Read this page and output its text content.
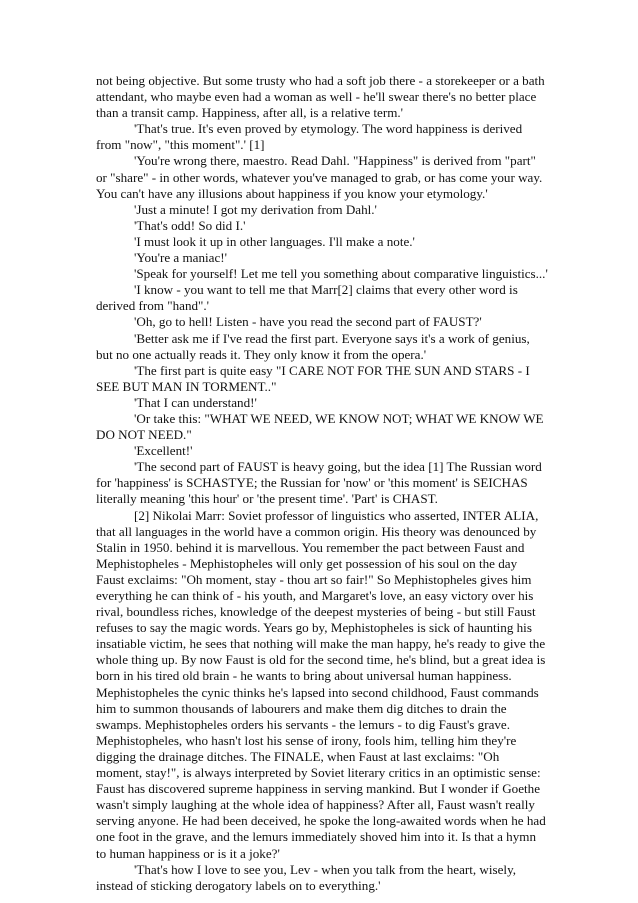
not being objective. But some trusty who had a soft job there - a storekeeper or a bath attendant, who maybe even had a woman as well - he'll swear there's no better place than a transit camp. Happiness, after all, is a relative term.'

'That's true. It's even proved by etymology. The word happiness is derived from "now", "this moment".' [1]

'You're wrong there, maestro. Read Dahl. "Happiness" is derived from "part" or "share" - in other words, whatever you've managed to grab, or has come your way. You can't have any illusions about happiness if you know your etymology.'

'Just a minute! I got my derivation from Dahl.'

'That's odd! So did I.'

'I must look it up in other languages. I'll make a note.'

'You're a maniac!'

'Speak for yourself! Let me tell you something about comparative linguistics...'

'I know - you want to tell me that Marr[2] claims that every other word is derived from "hand".'

'Oh, go to hell! Listen - have you read the second part of FAUST?'

'Better ask me if I've read the first part. Everyone says it's a work of genius, but no one actually reads it. They only know it from the opera.'

'The first part is quite easy "I CARE NOT FOR THE SUN AND STARS - I SEE BUT MAN IN TORMENT.."

'That I can understand!'

'Or take this: "WHAT WE NEED, WE KNOW NOT; WHAT WE KNOW WE DO NOT NEED."

'Excellent!'

'The second part of FAUST is heavy going, but the idea [1] The Russian word for 'happiness' is SCHASTYE; the Russian for 'now' or 'this moment' is SEICHAS literally meaning 'this hour' or 'the present time'. 'Part' is CHAST.

[2] Nikolai Marr: Soviet professor of linguistics who asserted, INTER ALIA, that all languages in the world have a common origin. His theory was denounced by Stalin in 1950. behind it is marvellous. You remember the pact between Faust and Mephistopheles - Mephistopheles will only get possession of his soul on the day Faust exclaims: "Oh moment, stay - thou art so fair!" So Mephistopheles gives him everything he can think of - his youth, and Margaret's love, an easy victory over his rival, boundless riches, knowledge of the deepest mysteries of being - but still Faust refuses to say the magic words. Years go by, Mephistopheles is sick of haunting his insatiable victim, he sees that nothing will make the man happy, he's ready to give the whole thing up. By now Faust is old for the second time, he's blind, but a great idea is born in his tired old brain - he wants to bring about universal human happiness. Mephistopheles the cynic thinks he's lapsed into second childhood, Faust commands him to summon thousands of labourers and make them dig ditches to drain the swamps. Mephistopheles orders his servants - the lemurs - to dig Faust's grave. Mephistopheles, who hasn't lost his sense of irony, fools him, telling him they're digging the drainage ditches. The FINALE, when Faust at last exclaims: "Oh moment, stay!", is always interpreted by Soviet literary critics in an optimistic sense: Faust has discovered supreme happiness in serving mankind. But I wonder if Goethe wasn't simply laughing at the whole idea of happiness? After all, Faust wasn't really serving anyone. He had been deceived, he spoke the long-awaited words when he had one foot in the grave, and the lemurs immediately shoved him into it. Is that a hymn to human happiness or is it a joke?'

'That's how I love to see you, Lev - when you talk from the heart, wisely, instead of sticking derogatory labels on to everything.'
